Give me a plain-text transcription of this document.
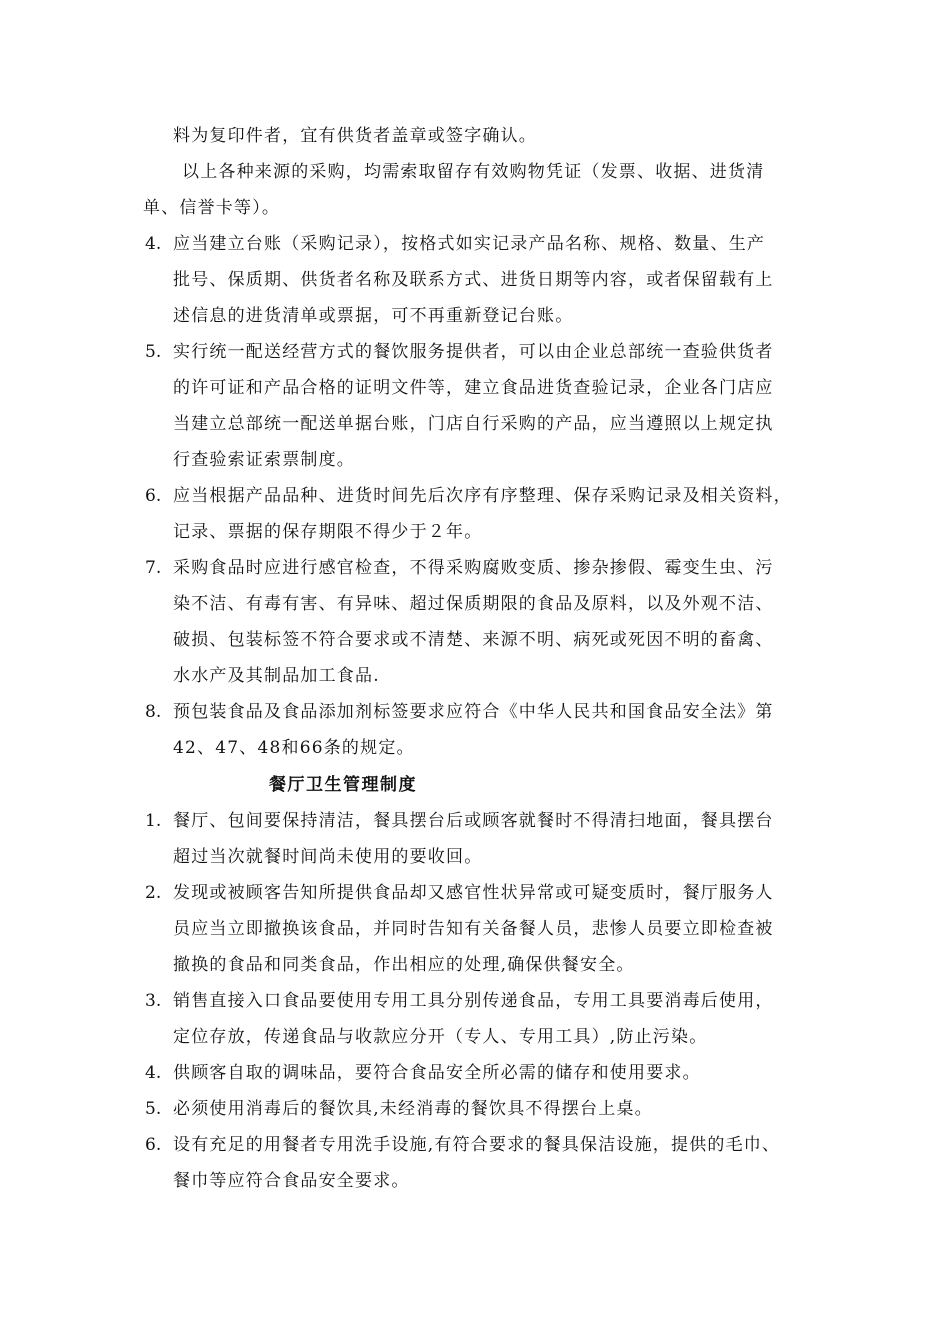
料为复印件者，宜有供货者盖章或签字确认。
以上各种来源的采购，均需索取留存有效购物凭证（发票、收据、进货清
单、信誉卡等）。
4. 应当建立台账（采购记录），按格式如实记录产品名称、规格、数量、生产
批号、保质期、供货者名称及联系方式、进货日期等内容，或者保留载有上
述信息的进货清单或票据，可不再重新登记台账。
5. 实行统一配送经营方式的餐饮服务提供者，可以由企业总部统一查验供货者
的许可证和产品合格的证明文件等，建立食品进货查验记录，企业各门店应
当建立总部统一配送单据台账，门店自行采购的产品，应当遵照以上规定执
行查验索证索票制度。
6. 应当根据产品品种、进货时间先后次序有序整理、保存采购记录及相关资料，
记录、票据的保存期限不得少于２年。
7. 采购食品时应进行感官检查，不得采购腐败变质、掺杂掺假、霉变生虫、污
染不洁、有毒有害、有异味、超过保质期限的食品及原料，以及外观不洁、
破损、包装标签不符合要求或不清楚、来源不明、病死或死因不明的畜禽、
水水产及其制品加工食品.
8. 预包装食品及食品添加剂标签要求应符合《中华人民共和国食品安全法》第
42、47、48和66条的规定。
餐厅卫生管理制度
1. 餐厅、包间要保持清洁，餐具摆台后或顾客就餐时不得清扫地面，餐具摆台
超过当次就餐时间尚未使用的要收回。
2. 发现或被顾客告知所提供食品却又感官性状异常或可疑变质时，餐厅服务人
员应当立即撤换该食品，并同时告知有关备餐人员，悲惨人员要立即检查被
撤换的食品和同类食品，作出相应的处理,确保供餐安全。
3. 销售直接入口食品要使用专用工具分别传递食品，专用工具要消毒后使用，
定位存放，传递食品与收款应分开（专人、专用工具）,防止污染。
4. 供顾客自取的调味品，要符合食品安全所必需的储存和使用要求。
5. 必须使用消毒后的餐饮具,未经消毒的餐饮具不得摆台上桌。
6. 设有充足的用餐者专用洗手设施,有符合要求的餐具保洁设施，提供的毛巾、
餐巾等应符合食品安全要求。
